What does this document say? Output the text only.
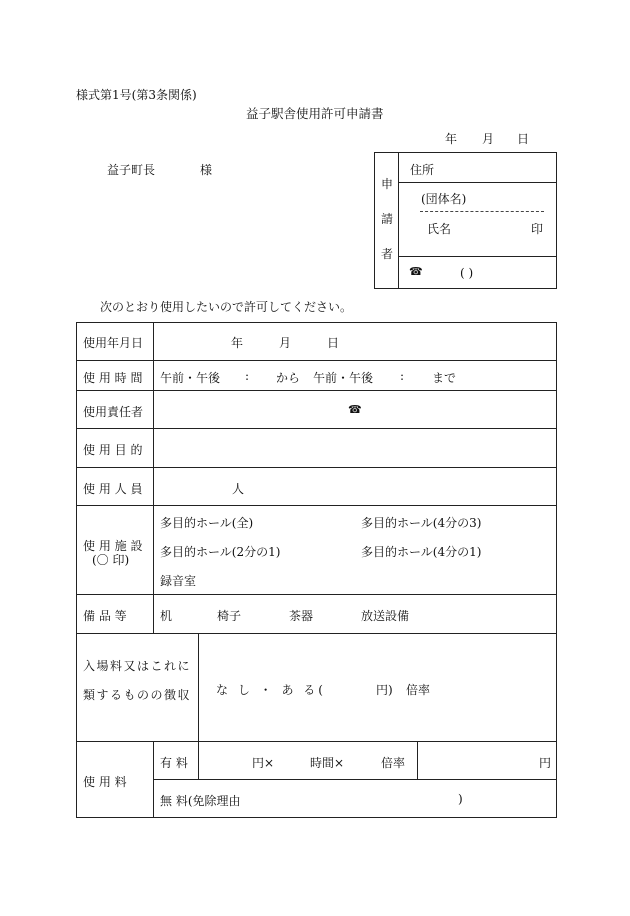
様式第1号(第3条関係)
益子駅舎使用許可申請書
年 月 日
益子町長	様
申
請
者
住所
(団体名)
氏名	印
☎	( )
次のとおり使用したいので許可してください。
使用年月日	年	月	日
使 用 時 間 午前・午後 : から 午前・午後 : まで
使用責任者	☎
使 用 目 的
使 用 人 員	人
使 用 施 設
(〇 印)
多目的ホール(全)	多目的ホール(4分の3)
多目的ホール(2分の1)	多目的ホール(4分の1)
録音室
備 品 等	机	椅子	茶器	放送設備
入場料又はこれに
類するものの徴収 な し ・ あ る(	円) 倍率
使 用 料
有 料	円×	時間×	倍率	円
無 料(免除理由	)
